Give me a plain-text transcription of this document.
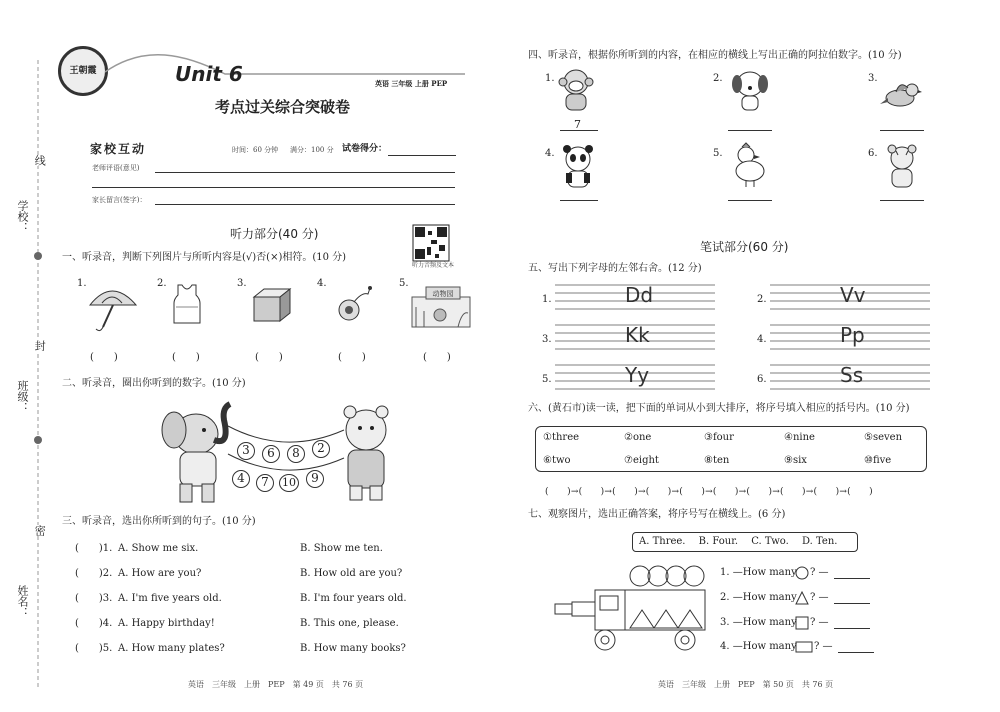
学校：
班级：
姓名：
线
封
密
王朝霞	Unit 6	英语 三年级 上册 PEP
考点过关综合突破卷
家校互动	时间：60 分钟 满分：100 分 试卷得分：
老师评语(意见)
家长留言(签字)：
听力音频及文本
听力部分(40 分)
一、听录音，判断下列图片与所听内容是(√)否(×)相符。(10 分)
1.	2.	3.	4.	5.
动物园
(　　)	(　　)	(　　)	(　　)	(　　)
二、听录音，圈出你听到的数字。(10 分)
3	6	8	2
4	7	10	9
三、听录音，选出你所听到的句子。(10 分)
(　　)1. A. Show me six.	B. Show me ten.
(　　)2. A. How are you?	B. How old are you?
(　　)3. A. I'm five years old.	B. I'm four years old.
(　　)4. A. Happy birthday!	B. This one, please.
(　　)5. A. How many plates?	B. How many books?
英语　三年级　上册　PEP　第 49 页　共 76 页
四、听录音，根据你所听到的内容，在相应的横线上写出正确的阿拉伯数字。(10 分)
1.
7
2.	3.
4.	5.	6.
笔试部分(60 分)
五、写出下列字母的左邻右舍。(12 分)
1.	Dd	2.	Vv
3.	Kk	4.	Pp
5.	Yy	6.	Ss
六、(黄石市)读一读，把下面的单词从小到大排序，将序号填入相应的括号内。(10 分)
①three	②one	③four	④nine	⑤seven
⑥two	⑦eight	⑧ten	⑨six	⑩five
(　　)→(　　)→(　　)→(　　)→(　　)→(　　)→(　　)→(　　)→(　　)→(　　)
七、观察图片，选出正确答案，将序号写在横线上。(6 分)
A. Three.　 B. Four.　 C. Two.　 D. Ten.
1. —How many ? —
2. —How many ? —
3. —How many ? —
4. —How many ? —
英语　三年级　上册　PEP　第 50 页　共 76 页
